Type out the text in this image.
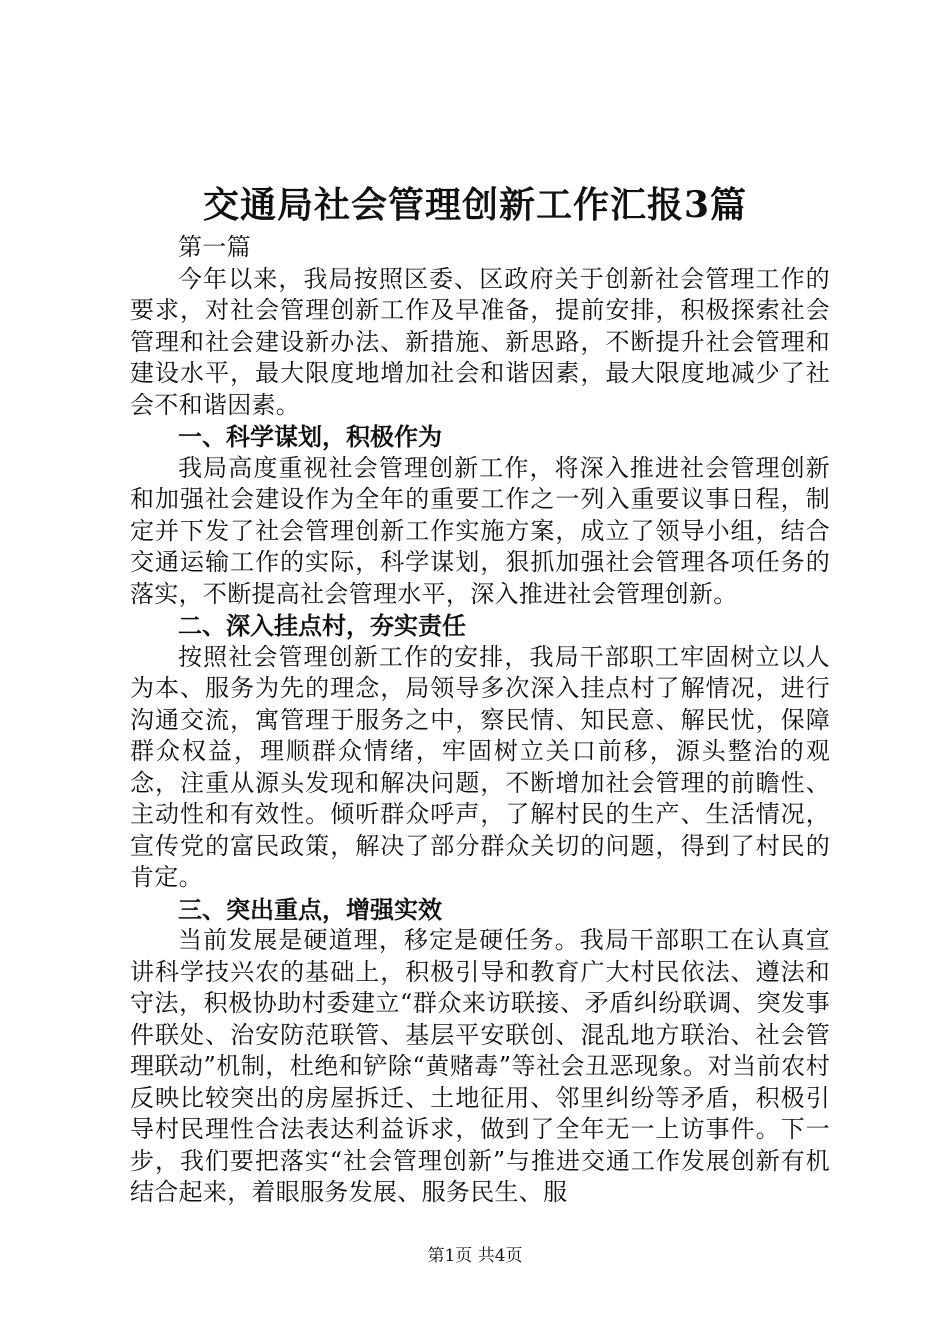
交通局社会管理创新工作汇报3篇

第一篇

今年以来，我局按照区委、区政府关于创新社会管理工作的要求，对社会管理创新工作及早准备，提前安排，积极探索社会管理和社会建设新办法、新措施、新思路，不断提升社会管理和建设水平，最大限度地增加社会和谐因素，最大限度地减少了社会不和谐因素。

一、科学谋划，积极作为

我局高度重视社会管理创新工作，将深入推进社会管理创新和加强社会建设作为全年的重要工作之一列入重要议事日程，制定并下发了社会管理创新工作实施方案，成立了领导小组，结合交通运输工作的实际，科学谋划，狠抓加强社会管理各项任务的落实，不断提高社会管理水平，深入推进社会管理创新。

二、深入挂点村，夯实责任

按照社会管理创新工作的安排，我局干部职工牢固树立以人为本、服务为先的理念，局领导多次深入挂点村了解情况，进行沟通交流，寓管理于服务之中，察民情、知民意、解民忧，保障群众权益，理顺群众情绪，牢固树立关口前移，源头整治的观念，注重从源头发现和解决问题，不断增加社会管理的前瞻性、主动性和有效性。倾听群众呼声，了解村民的生产、生活情况，宣传党的富民政策，解决了部分群众关切的问题，得到了村民的肯定。

三、突出重点，增强实效

当前发展是硬道理，移定是硬任务。我局干部职工在认真宣讲科学技兴农的基础上，积极引导和教育广大村民依法、遵法和守法，积极协助村委建立“群众来访联接、矛盾纠纷联调、突发事件联处、治安防范联管、基层平安联创、混乱地方联治、社会管理联动”机制，杜绝和铲除“黄赌毒”等社会丑恶现象。对当前农村反映比较突出的房屋拆迁、土地征用、邻里纠纷等矛盾，积极引导村民理性合法表达利益诉求，做到了全年无一上访事件。下一步，我们要把落实“社会管理创新”与推进交通工作发展创新有机结合起来，着眼服务发展、服务民生、服

第1页 共4页
